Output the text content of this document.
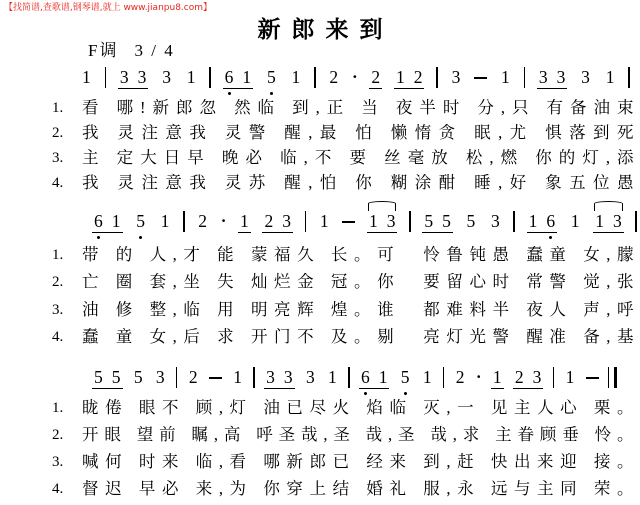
【找简谱,查歌谱,钢琴谱,就上 www.jianpu8.com】
新郎来到
F调 3 / 4
1 3 3 3 1 6 1 5 1 2 · 2 1 2 3 1 3 3 3 1
6 1 5 1 2 · 1 2 3 1 1 3 5 5 5 3 1 6 1 1 3
5 5 5 3 2 1 3 3 3 1 6 1 5 1 2 · 1 2 3 1
1.	看 哪!新郎忽 然临 到,正 当 夜半时 分,只 有备油束
2.	我 灵注意我 灵警 醒,最 怕 懒惰贪 眠,尤 惧落到死
3.	主 定大日早 晚必 临,不 要 丝毫放 松,燃 你的灯,添
4.	我 灵注意我 灵苏 醒,怕 你 糊涂酣 睡,好 象五位愚
1.	带 的 人,才 能 蒙福久 长。可　怜鲁钝愚 蠢童 女,朦
2.	亡 圈 套,坐 失 灿烂金 冠。你　要留心时 常警 觉,张
3.	油 修 整,临 用 明亮辉 煌。谁　都难料半 夜人 声,呼
4.	蠢 童 女,后 求 开门不 及。剔　亮灯光警 醒准 备,基
1.	眬倦 眼不 顾,灯 油已尽火 焰临 灭,一 见主人心 栗。
2.	开眼 望前 瞩,高 呼圣哉,圣 哉,圣 哉,求 主眷顾垂 怜。
3.	喊何 时来 临,看 哪新郎已 经来 到,赶 快出来迎 接。
4.	督迟 早必 来,为 你穿上结 婚礼 服,永 远与主同 荣。
